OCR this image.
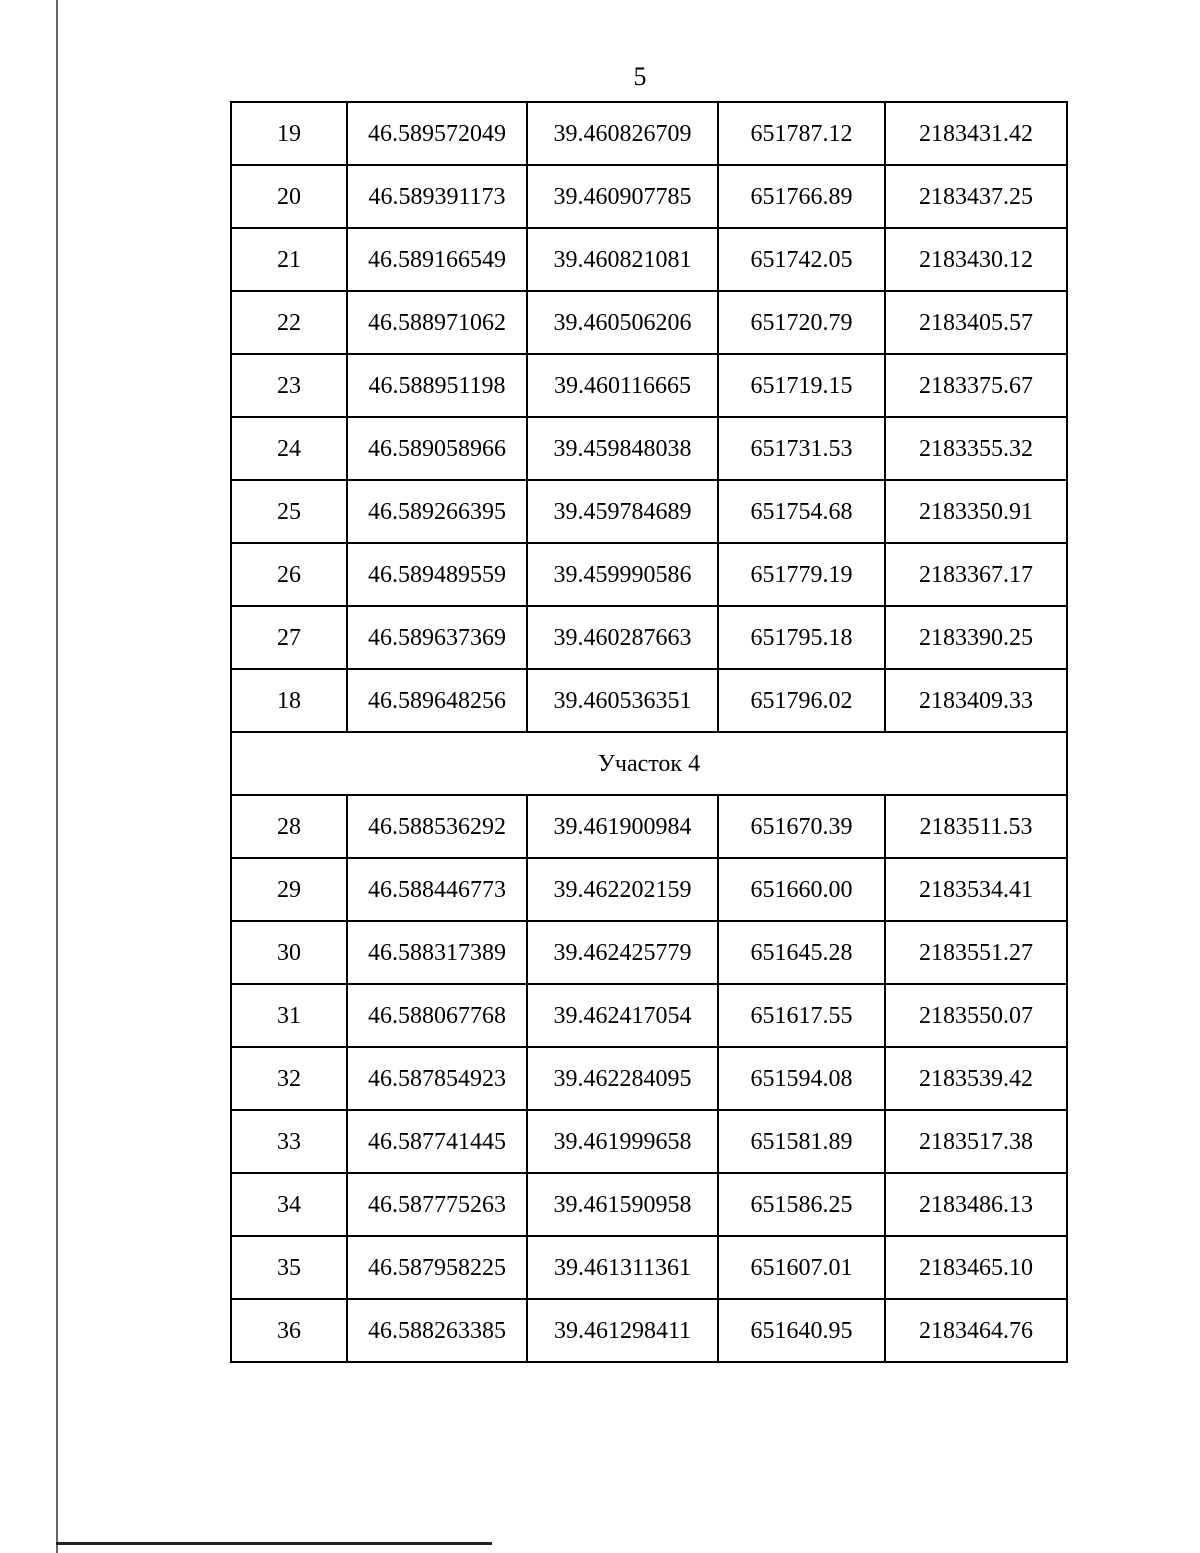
5
19	46.589572049	39.460826709	651787.12	2183431.42
20	46.589391173	39.460907785	651766.89	2183437.25
21	46.589166549	39.460821081	651742.05	2183430.12
22	46.588971062	39.460506206	651720.79	2183405.57
23	46.588951198	39.460116665	651719.15	2183375.67
24	46.589058966	39.459848038	651731.53	2183355.32
25	46.589266395	39.459784689	651754.68	2183350.91
26	46.589489559	39.459990586	651779.19	2183367.17
27	46.589637369	39.460287663	651795.18	2183390.25
18	46.589648256	39.460536351	651796.02	2183409.33
Участок 4				
28	46.588536292	39.461900984	651670.39	2183511.53
29	46.588446773	39.462202159	651660.00	2183534.41
30	46.588317389	39.462425779	651645.28	2183551.27
31	46.588067768	39.462417054	651617.55	2183550.07
32	46.587854923	39.462284095	651594.08	2183539.42
33	46.587741445	39.461999658	651581.89	2183517.38
34	46.587775263	39.461590958	651586.25	2183486.13
35	46.587958225	39.461311361	651607.01	2183465.10
36	46.588263385	39.461298411	651640.95	2183464.76
